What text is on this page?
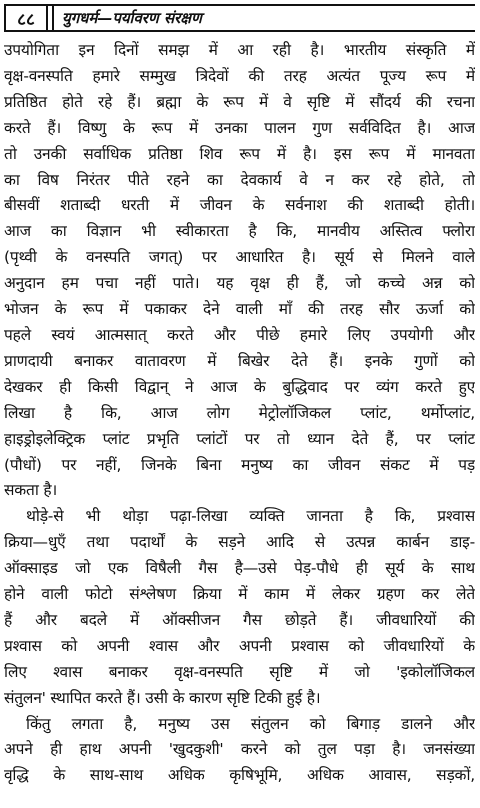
८८	युगधर्म—पर्यावरण संरक्षण
उपयोगिता इन दिनों समझ में आ रही है। भारतीय संस्कृति में
वृक्ष-वनस्पति हमारे सम्मुख त्रिदेवों की तरह अत्यंत पूज्य रूप में
प्रतिष्ठित होते रहे हैं। ब्रह्मा के रूप में वे सृष्टि में सौंदर्य की रचना
करते हैं। विष्णु के रूप में उनका पालन गुण सर्वविदित है। आज
तो उनकी सर्वाधिक प्रतिष्ठा शिव रूप में है। इस रूप में मानवता
का विष निरंतर पीते रहने का देवकार्य वे न कर रहे होते, तो
बीसवीं शताब्दी धरती में जीवन के सर्वनाश की शताब्दी होती।
आज का विज्ञान भी स्वीकारता है कि, मानवीय अस्तित्व फ्लोरा
(पृथ्वी के वनस्पति जगत्) पर आधारित है। सूर्य से मिलने वाले
अनुदान हम पचा नहीं पाते। यह वृक्ष ही हैं, जो कच्चे अन्न को
भोजन के रूप में पकाकर देने वाली माँ की तरह सौर ऊर्जा को
पहले स्वयं आत्मसात् करते और पीछे हमारे लिए उपयोगी और
प्राणदायी बनाकर वातावरण में बिखेर देते हैं। इनके गुणों को
देखकर ही किसी विद्वान् ने आज के बुद्धिवाद पर व्यंग करते हुए
लिखा है कि, आज लोग मेट्रोलॉजिकल प्लांट, थर्मोप्लांट,
हाइड्रोइलेक्ट्रिक प्लांट प्रभृति प्लांटों पर तो ध्यान देते हैं, पर प्लांट
(पौधों) पर नहीं, जिनके बिना मनुष्य का जीवन संकट में पड़
सकता है।
थोड़े-से भी थोड़ा पढ़ा-लिखा व्यक्ति जानता है कि, प्रश्वास
क्रिया—धुएँ तथा पदार्थों के सड़ने आदि से उत्पन्न कार्बन डाइ-
ऑक्साइड जो एक विषैली गैस है—उसे पेड़-पौधे ही सूर्य के साथ
होने वाली फोटो संश्लेषण क्रिया में काम में लेकर ग्रहण कर लेते
हैं और बदले में ऑक्सीजन गैस छोड़ते हैं। जीवधारियों की
प्रश्वास को अपनी श्वास और अपनी प्रश्वास को जीवधारियों के
लिए श्वास बनाकर वृक्ष-वनस्पति सृष्टि में जो 'इकोलॉजिकल
संतुलन' स्थापित करते हैं। उसी के कारण सृष्टि टिकी हुई है।
किंतु लगता है, मनुष्य उस संतुलन को बिगाड़ डालने और
अपने ही हाथ अपनी 'खुदकुशी' करने को तुल पड़ा है। जनसंख्या
वृद्धि के साथ-साथ अधिक कृषिभूमि, अधिक आवास, सड़कों,
